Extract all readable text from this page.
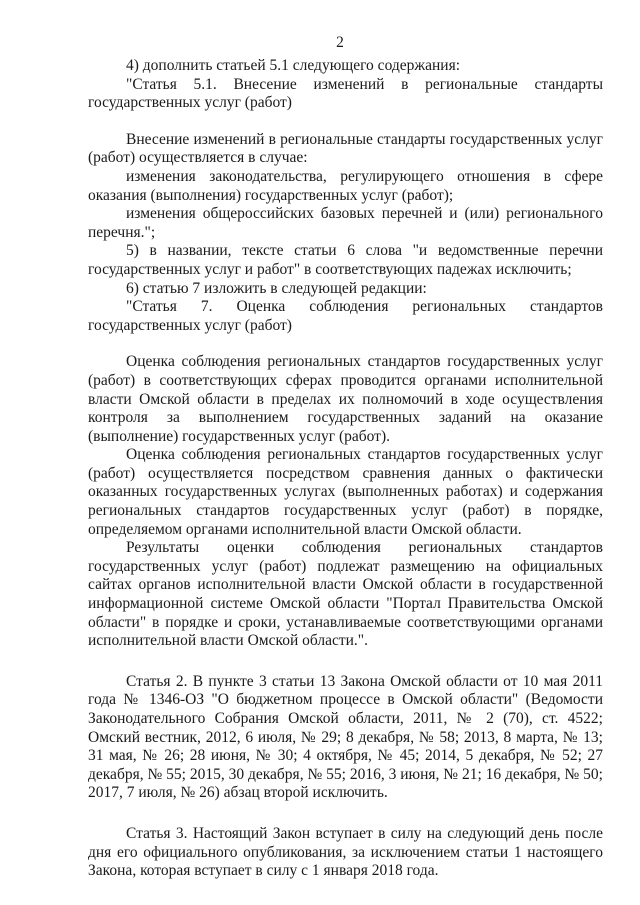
2

4) дополнить статьей 5.1 следующего содержания:

"Статья 5.1. Внесение изменений в региональные стандарты государственных услуг (работ)

Внесение изменений в региональные стандарты государственных услуг (работ) осуществляется в случае:

изменения законодательства, регулирующего отношения в сфере оказания (выполнения) государственных услуг (работ);

изменения общероссийских базовых перечней и (или) регионального перечня.";

5) в названии, тексте статьи 6 слова "и ведомственные перечни государственных услуг и работ" в соответствующих падежах исключить;

6) статью 7 изложить в следующей редакции:

"Статья 7. Оценка соблюдения региональных стандартов государственных услуг (работ)

Оценка соблюдения региональных стандартов государственных услуг (работ) в соответствующих сферах проводится органами исполнительной власти Омской области в пределах их полномочий в ходе осуществления контроля за выполнением государственных заданий на оказание (выполнение) государственных услуг (работ).

Оценка соблюдения региональных стандартов государственных услуг (работ) осуществляется посредством сравнения данных о фактически оказанных государственных услугах (выполненных работах) и содержания региональных стандартов государственных услуг (работ) в порядке, определяемом органами исполнительной власти Омской области.

Результаты оценки соблюдения региональных стандартов государственных услуг (работ) подлежат размещению на официальных сайтах органов исполнительной власти Омской области в государственной информационной системе Омской области "Портал Правительства Омской области" в порядке и сроки, устанавливаемые соответствующими органами исполнительной власти Омской области.".

Статья 2. В пункте 3 статьи 13 Закона Омской области от 10 мая 2011 года № 1346-ОЗ "О бюджетном процессе в Омской области" (Ведомости Законодательного Собрания Омской области, 2011, № 2 (70), ст. 4522; Омский вестник, 2012, 6 июля, № 29; 8 декабря, № 58; 2013, 8 марта, № 13; 31 мая, № 26; 28 июня, № 30; 4 октября, № 45; 2014, 5 декабря, № 52; 27 декабря, № 55; 2015, 30 декабря, № 55; 2016, 3 июня, № 21; 16 декабря, № 50; 2017, 7 июля, № 26) абзац второй исключить.

Статья 3. Настоящий Закон вступает в силу на следующий день после дня его официального опубликования, за исключением статьи 1 настоящего Закона, которая вступает в силу с 1 января 2018 года.
